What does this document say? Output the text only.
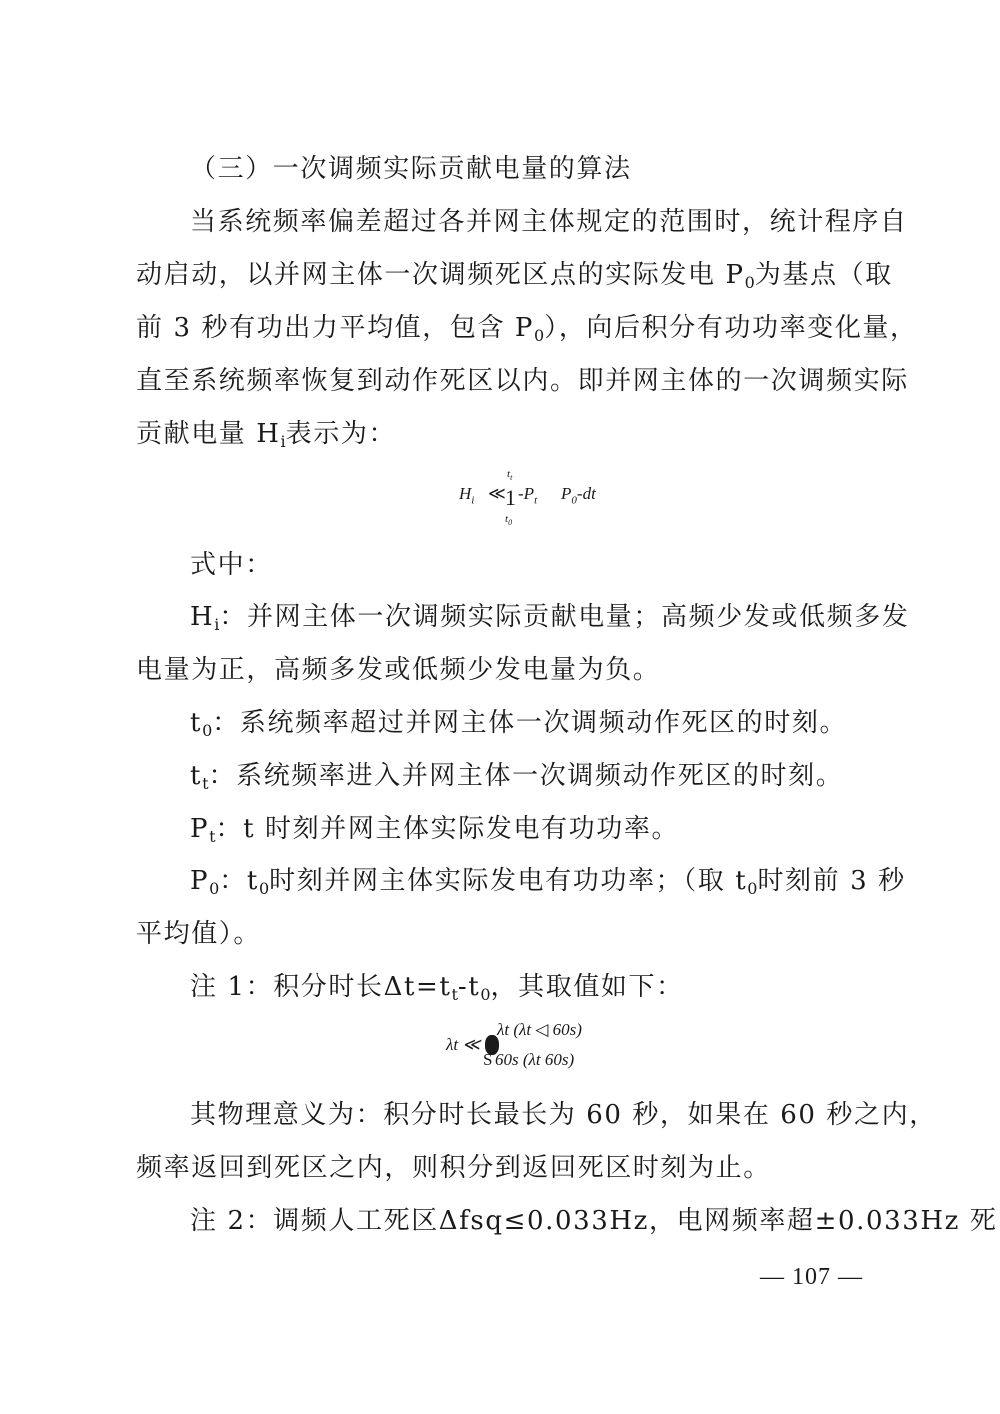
（三）一次调频实际贡献电量的算法
当系统频率偏差超过各并网主体规定的范围时，统计程序自
动启动，以并网主体一次调频死区点的实际发电 $P_0$为基点（取
前 3 秒有功出力平均值，包含 $P_0$），向后积分有功功率变化量，
直至系统频率恢复到动作死区以内。即并网主体的一次调频实际
贡献电量 $H_i$表示为：
$t_t$
$H_i$ ≪ 1 $-P_t$ $P_0-dt$
$t_0$
式中：
$H_i$：并网主体一次调频实际贡献电量；高频少发或低频多发
电量为正，高频多发或低频少发电量为负。
$t_0$：系统频率超过并网主体一次调频动作死区的时刻。
$t_t$：系统频率进入并网主体一次调频动作死区的时刻。
$P_t$：t 时刻并网主体实际发电有功功率。
$P_0$：$t_0$时刻并网主体实际发电有功功率；（取 $t_0$时刻前 3 秒
平均值）。
注 1：积分时长$\Delta t=t_t-t_0$，其取值如下：
λt ≪
λt (λt ◁ 60s)
S 60s (λt 60s)
其物理意义为：积分时长最长为 60 秒，如果在 60 秒之内，
频率返回到死区之内，则积分到返回死区时刻为止。
注 2：调频人工死区Δfsq≤0.033Hz，电网频率超±0.033Hz 死
— 107 —
